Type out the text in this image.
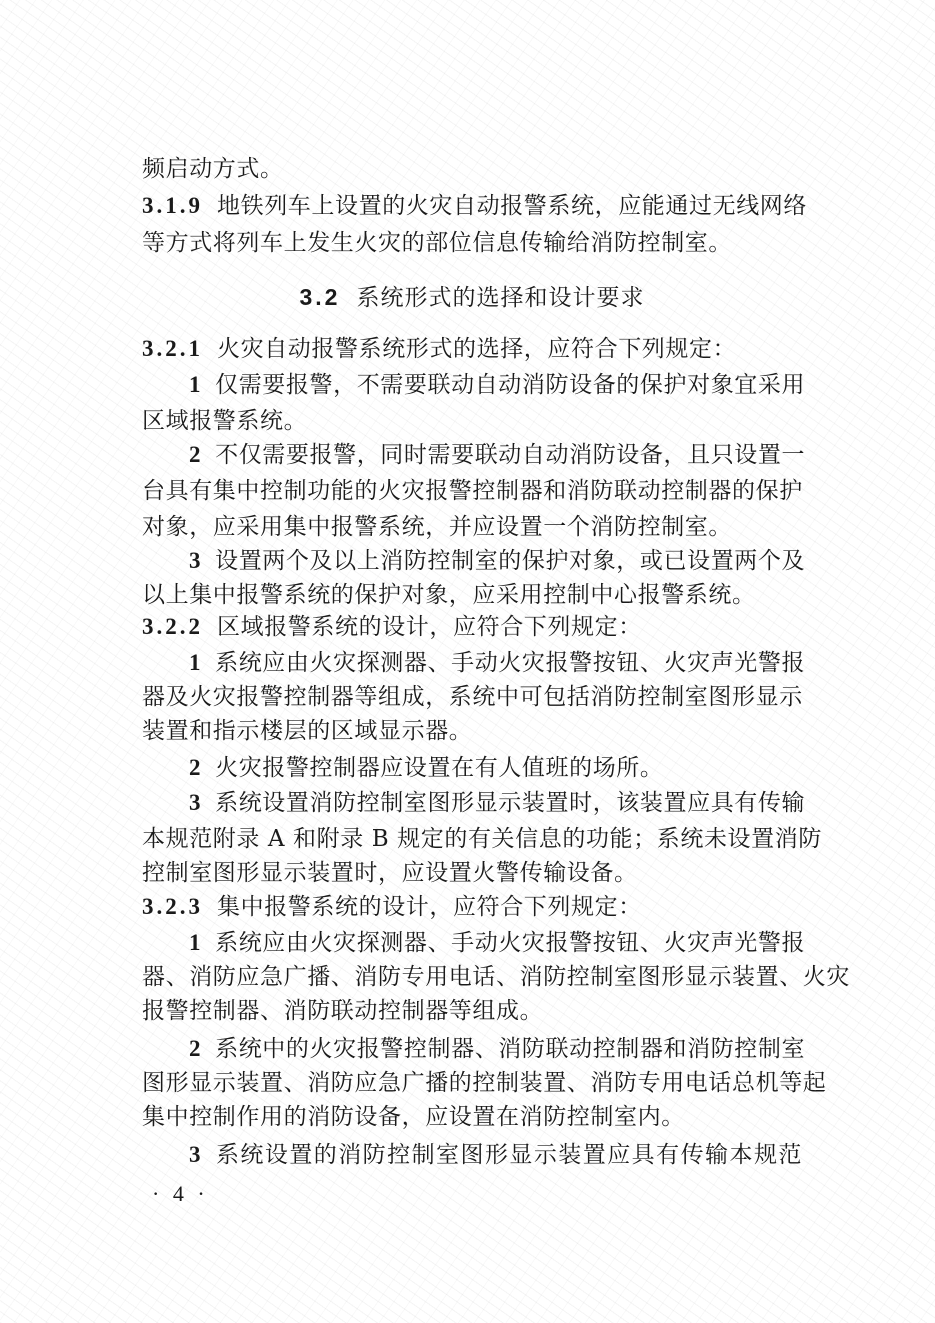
频启动方式。
3.1.9 地铁列车上设置的火灾自动报警系统，应能通过无线网络
等方式将列车上发生火灾的部位信息传输给消防控制室。
3.2 系统形式的选择和设计要求
3.2.1 火灾自动报警系统形式的选择，应符合下列规定：
1 仅需要报警，不需要联动自动消防设备的保护对象宜采用
区域报警系统。
2 不仅需要报警，同时需要联动自动消防设备，且只设置一
台具有集中控制功能的火灾报警控制器和消防联动控制器的保护
对象，应采用集中报警系统，并应设置一个消防控制室。
3 设置两个及以上消防控制室的保护对象，或已设置两个及
以上集中报警系统的保护对象，应采用控制中心报警系统。
3.2.2 区域报警系统的设计，应符合下列规定：
1 系统应由火灾探测器、手动火灾报警按钮、火灾声光警报
器及火灾报警控制器等组成，系统中可包括消防控制室图形显示
装置和指示楼层的区域显示器。
2 火灾报警控制器应设置在有人值班的场所。
3 系统设置消防控制室图形显示装置时，该装置应具有传输
本规范附录 A 和附录 B 规定的有关信息的功能；系统未设置消防
控制室图形显示装置时，应设置火警传输设备。
3.2.3 集中报警系统的设计，应符合下列规定：
1 系统应由火灾探测器、手动火灾报警按钮、火灾声光警报
器、消防应急广播、消防专用电话、消防控制室图形显示装置、火灾
报警控制器、消防联动控制器等组成。
2 系统中的火灾报警控制器、消防联动控制器和消防控制室
图形显示装置、消防应急广播的控制装置、消防专用电话总机等起
集中控制作用的消防设备，应设置在消防控制室内。
3 系统设置的消防控制室图形显示装置应具有传输本规范
· 4 ·
